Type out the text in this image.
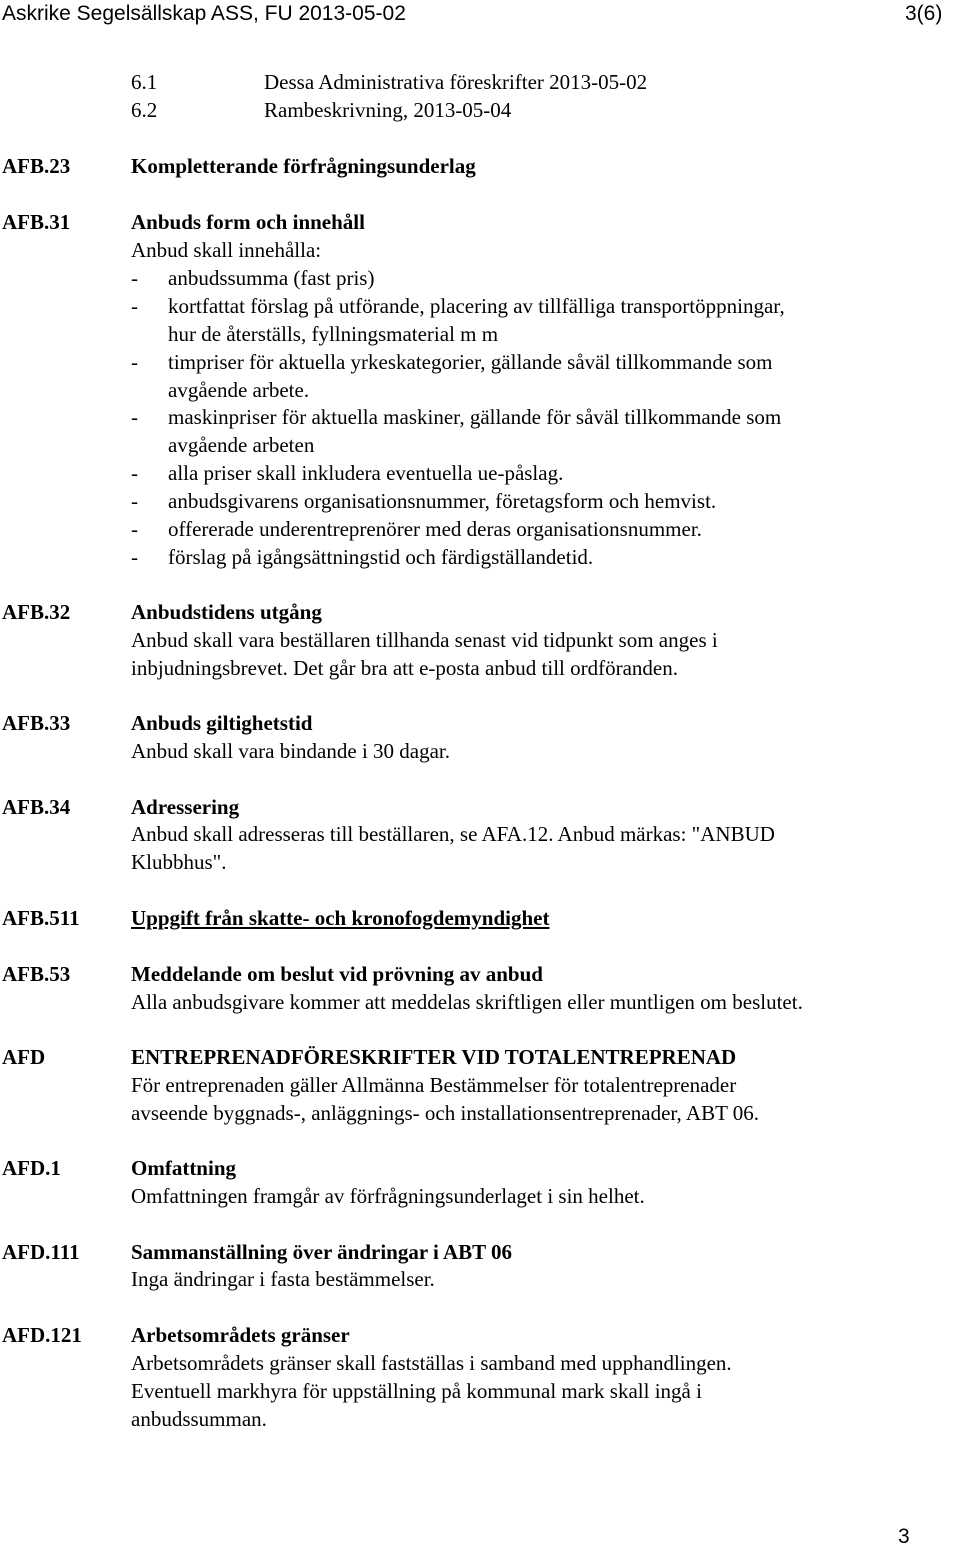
Askrike Segelsällskap ASS, FU 2013-05-02	3(6)
6.1	Dessa Administrativa föreskrifter 2013-05-02
6.2	Rambeskrivning, 2013-05-04
AFB.23	Kompletterande förfrågningsunderlag
AFB.31	Anbuds form och innehåll
Anbud skall innehålla:
- anbudssumma (fast pris)
- kortfattat förslag på utförande, placering av tillfälliga transportöppningar,
hur de återställs, fyllningsmaterial m m
- timpriser för aktuella yrkeskategorier, gällande såväl tillkommande som
avgående arbete.
- maskinpriser för aktuella maskiner, gällande för såväl tillkommande som
avgående arbeten
- alla priser skall inkludera eventuella ue-påslag.
- anbudsgivarens organisationsnummer, företagsform och hemvist.
- offererade underentreprenörer med deras organisationsnummer.
- förslag på igångsättningstid och färdigställandetid.
AFB.32	Anbudstidens utgång
Anbud skall vara beställaren tillhanda senast vid tidpunkt som anges i
inbjudningsbrevet. Det går bra att e-posta anbud till ordföranden.
AFB.33	Anbuds giltighetstid
Anbud skall vara bindande i 30 dagar.
AFB.34	Adressering
Anbud skall adresseras till beställaren, se AFA.12. Anbud märkas: "ANBUD
Klubbhus".
AFB.511 Uppgift från skatte- och kronofogdemyndighet
AFB.53	Meddelande om beslut vid prövning av anbud
Alla anbudsgivare kommer att meddelas skriftligen eller muntligen om beslutet.
AFD	ENTREPRENADFÖRESKRIFTER VID TOTALENTREPRENAD
För entreprenaden gäller Allmänna Bestämmelser för totalentreprenader
avseende byggnads-, anläggnings- och installationsentreprenader, ABT 06.
AFD.1	Omfattning
Omfattningen framgår av förfrågningsunderlaget i sin helhet.
AFD.111 Sammanställning över ändringar i ABT 06
Inga ändringar i fasta bestämmelser.
AFD.121 Arbetsområdets gränser
Arbetsområdets gränser skall fastställas i samband med upphandlingen.
Eventuell markhyra för uppställning på kommunal mark skall ingå i
anbudssumman.
3
